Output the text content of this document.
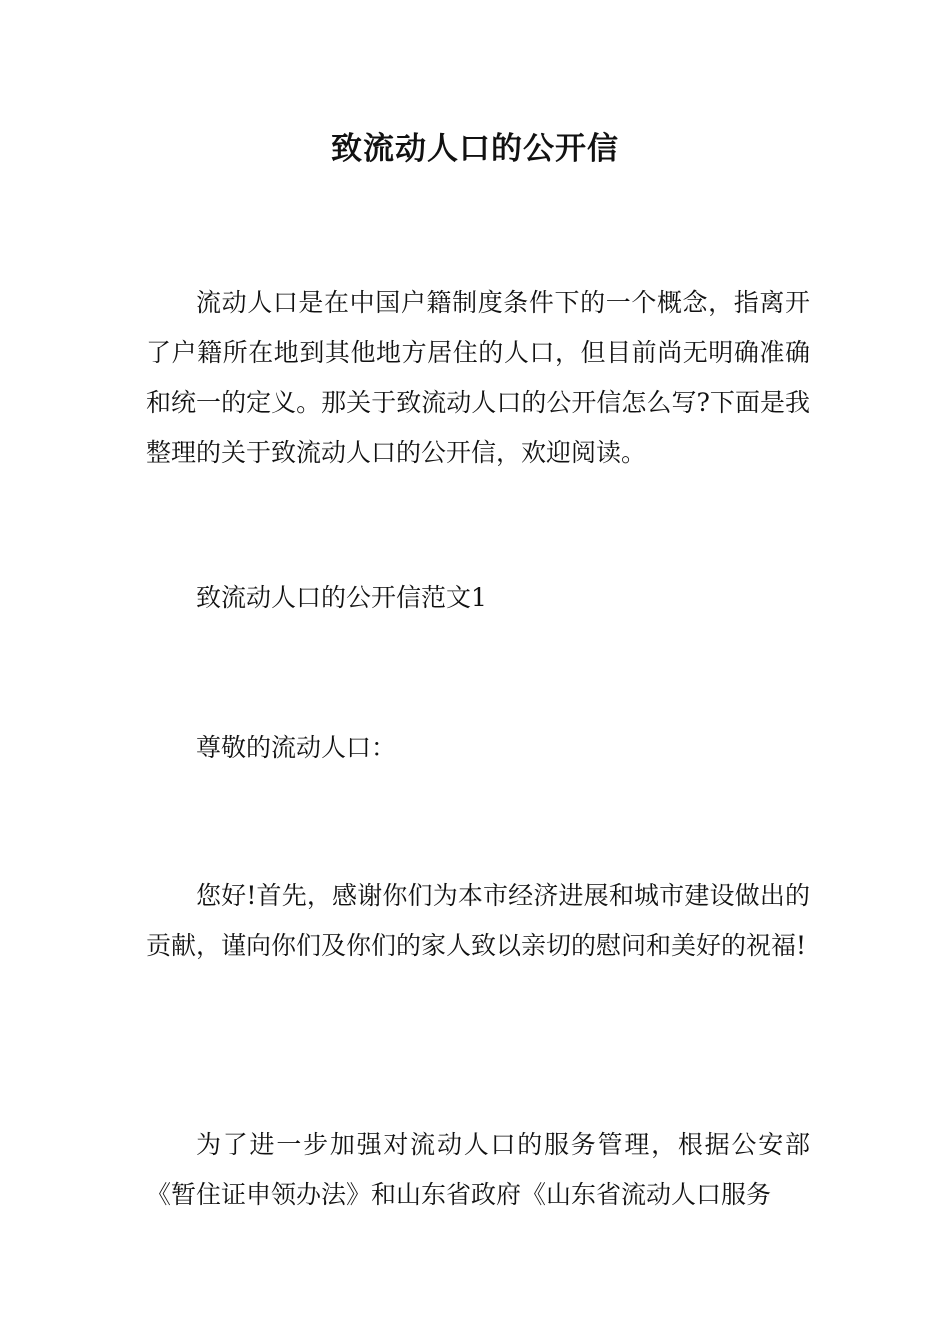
致流动人口的公开信

流动人口是在中国户籍制度条件下的一个概念，指离开了户籍所在地到其他地方居住的人口，但目前尚无明确准确和统一的定义。那关于致流动人口的公开信怎么写?下面是我整理的关于致流动人口的公开信，欢迎阅读。

致流动人口的公开信范文1

尊敬的流动人口：

您好!首先，感谢你们为本市经济进展和城市建设做出的贡献，谨向你们及你们的家人致以亲切的慰问和美好的祝福!

为了进一步加强对流动人口的服务管理，根据公安部《暂住证申领办法》和山东省政府《山东省流动人口服务
